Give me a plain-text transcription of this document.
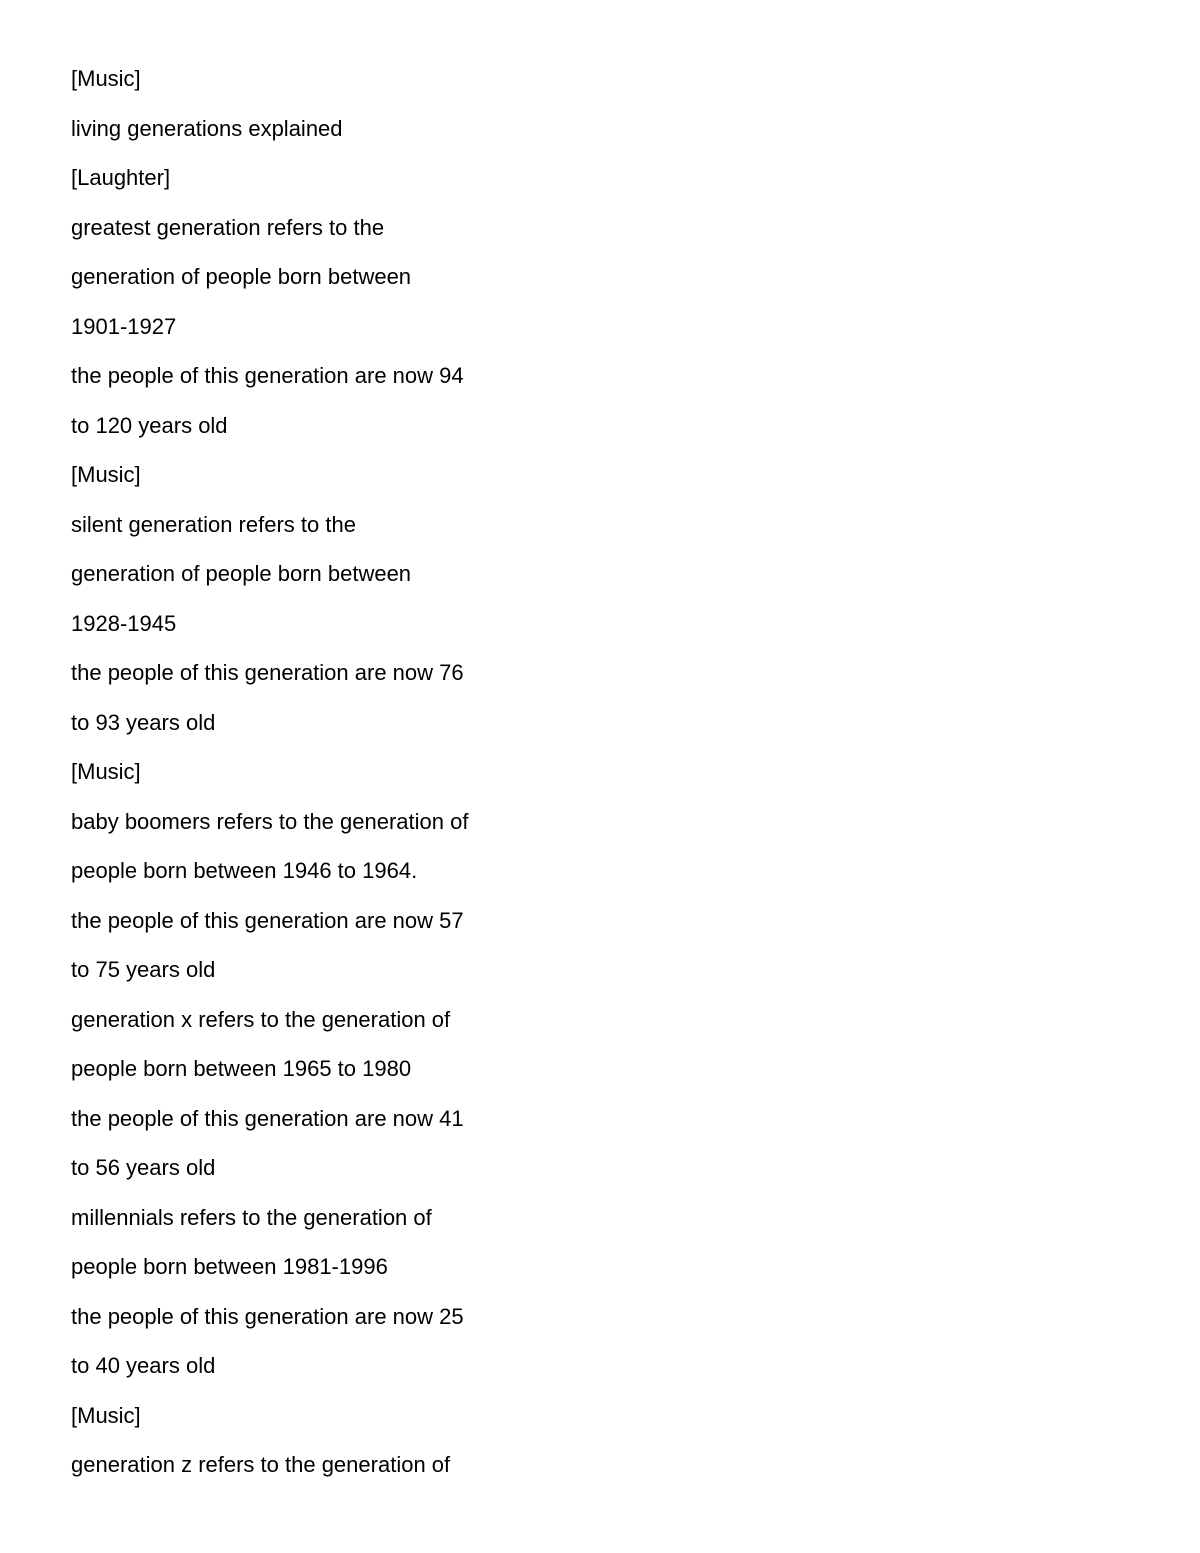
[Music]
living generations explained
[Laughter]
greatest generation refers to the
generation of people born between
1901-1927
the people of this generation are now 94
to 120 years old
[Music]
silent generation refers to the
generation of people born between
1928-1945
the people of this generation are now 76
to 93 years old
[Music]
baby boomers refers to the generation of
people born between 1946 to 1964.
the people of this generation are now 57
to 75 years old
generation x refers to the generation of
people born between 1965 to 1980
the people of this generation are now 41
to 56 years old
millennials refers to the generation of
people born between 1981-1996
the people of this generation are now 25
to 40 years old
[Music]
generation z refers to the generation of
